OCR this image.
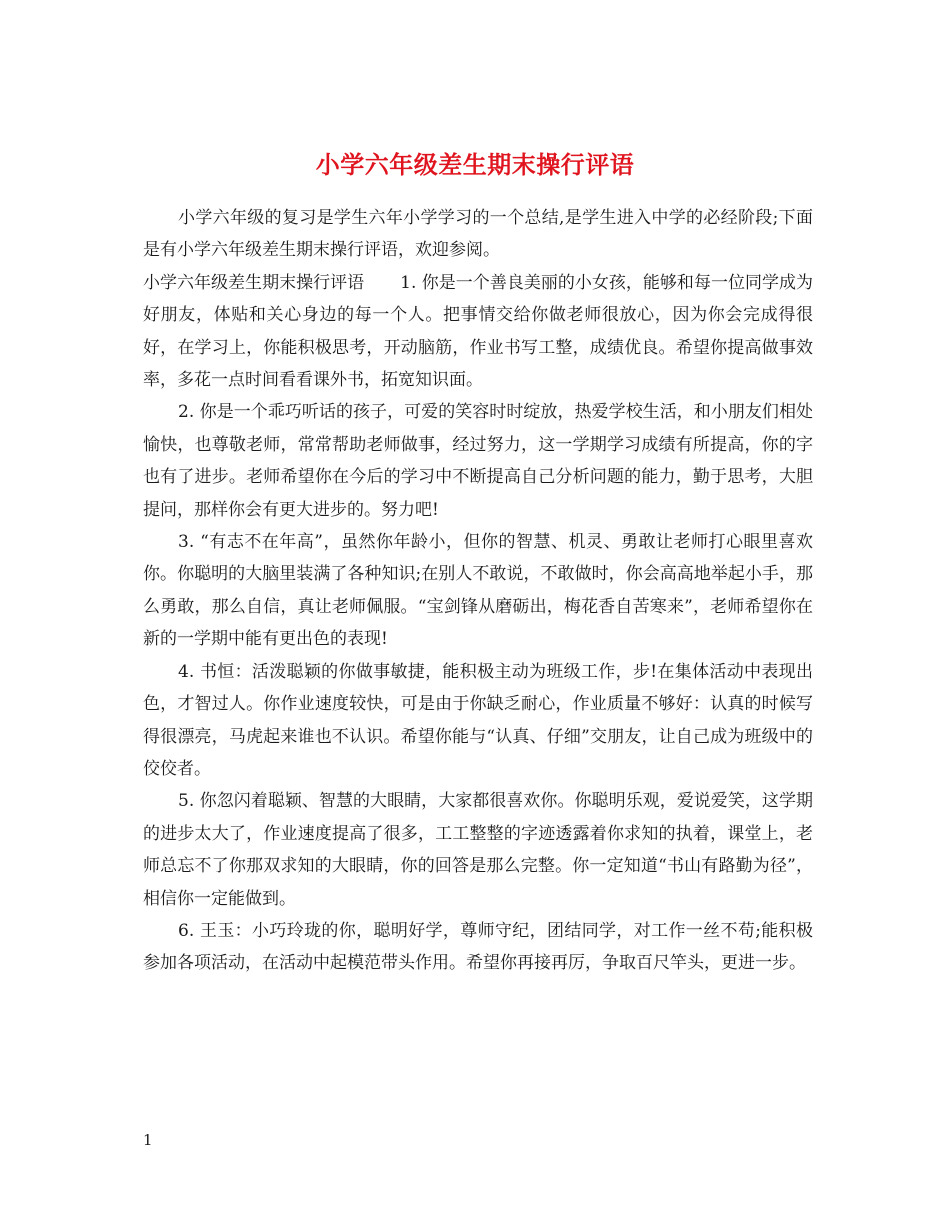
小学六年级差生期末操行评语

小学六年级的复习是学生六年小学学习的一个总结,是学生进入中学的必经阶段;下面是有小学六年级差生期末操行评语，欢迎参阅。

小学六年级差生期末操行评语 1. 你是一个善良美丽的小女孩，能够和每一位同学成为好朋友，体贴和关心身边的每一个人。把事情交给你做老师很放心，因为你会完成得很好，在学习上，你能积极思考，开动脑筋，作业书写工整，成绩优良。希望你提高做事效率，多花一点时间看看课外书，拓宽知识面。

2. 你是一个乖巧听话的孩子，可爱的笑容时时绽放，热爱学校生活，和小朋友们相处愉快，也尊敬老师，常常帮助老师做事，经过努力，这一学期学习成绩有所提高，你的字也有了进步。老师希望你在今后的学习中不断提高自己分析问题的能力，勤于思考，大胆提问，那样你会有更大进步的。努力吧!

3. “有志不在年高”，虽然你年龄小，但你的智慧、机灵、勇敢让老师打心眼里喜欢你。你聪明的大脑里装满了各种知识;在别人不敢说，不敢做时，你会高高地举起小手，那么勇敢，那么自信，真让老师佩服。“宝剑锋从磨砺出，梅花香自苦寒来”，老师希望你在新的一学期中能有更出色的表现!

4. 书恒：活泼聪颖的你做事敏捷，能积极主动为班级工作，步!在集体活动中表现出色，才智过人。你作业速度较快，可是由于你缺乏耐心，作业质量不够好：认真的时候写得很漂亮，马虎起来谁也不认识。希望你能与“认真、仔细”交朋友，让自己成为班级中的佼佼者。

5. 你忽闪着聪颖、智慧的大眼睛，大家都很喜欢你。你聪明乐观，爱说爱笑，这学期的进步太大了，作业速度提高了很多，工工整整的字迹透露着你求知的执着，课堂上，老师总忘不了你那双求知的大眼睛，你的回答是那么完整。你一定知道“书山有路勤为径”，相信你一定能做到。

6. 王玉：小巧玲珑的你，聪明好学，尊师守纪，团结同学，对工作一丝不苟;能积极参加各项活动，在活动中起模范带头作用。希望你再接再厉，争取百尺竿头，更进一步。

1
